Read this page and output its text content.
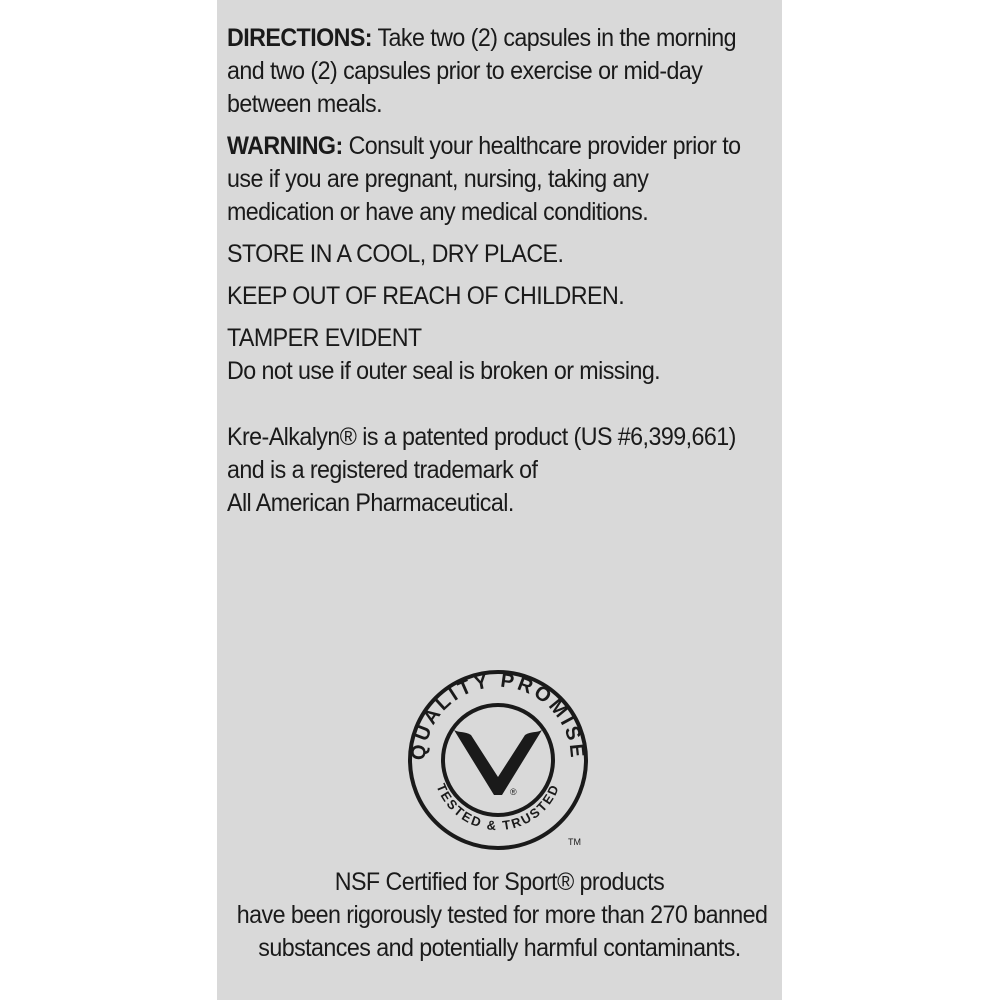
DIRECTIONS: Take two (2) capsules in the morning
and two (2) capsules prior to exercise or mid-day
between meals.

WARNING: Consult your healthcare provider prior to
use if you are pregnant, nursing, taking any
medication or have any medical conditions.

STORE IN A COOL, DRY PLACE.

KEEP OUT OF REACH OF CHILDREN.

TAMPER EVIDENT
Do not use if outer seal is broken or missing.

Kre-Alkalyn® is a patented product (US #6,399,661)
and is a registered trademark of
All American Pharmaceutical.

QUALITY PROMISE
TESTED & TRUSTED
®
TM
NSF Certified for Sport® products
have been rigorously tested for more than 270 banned
substances and potentially harmful contaminants.
